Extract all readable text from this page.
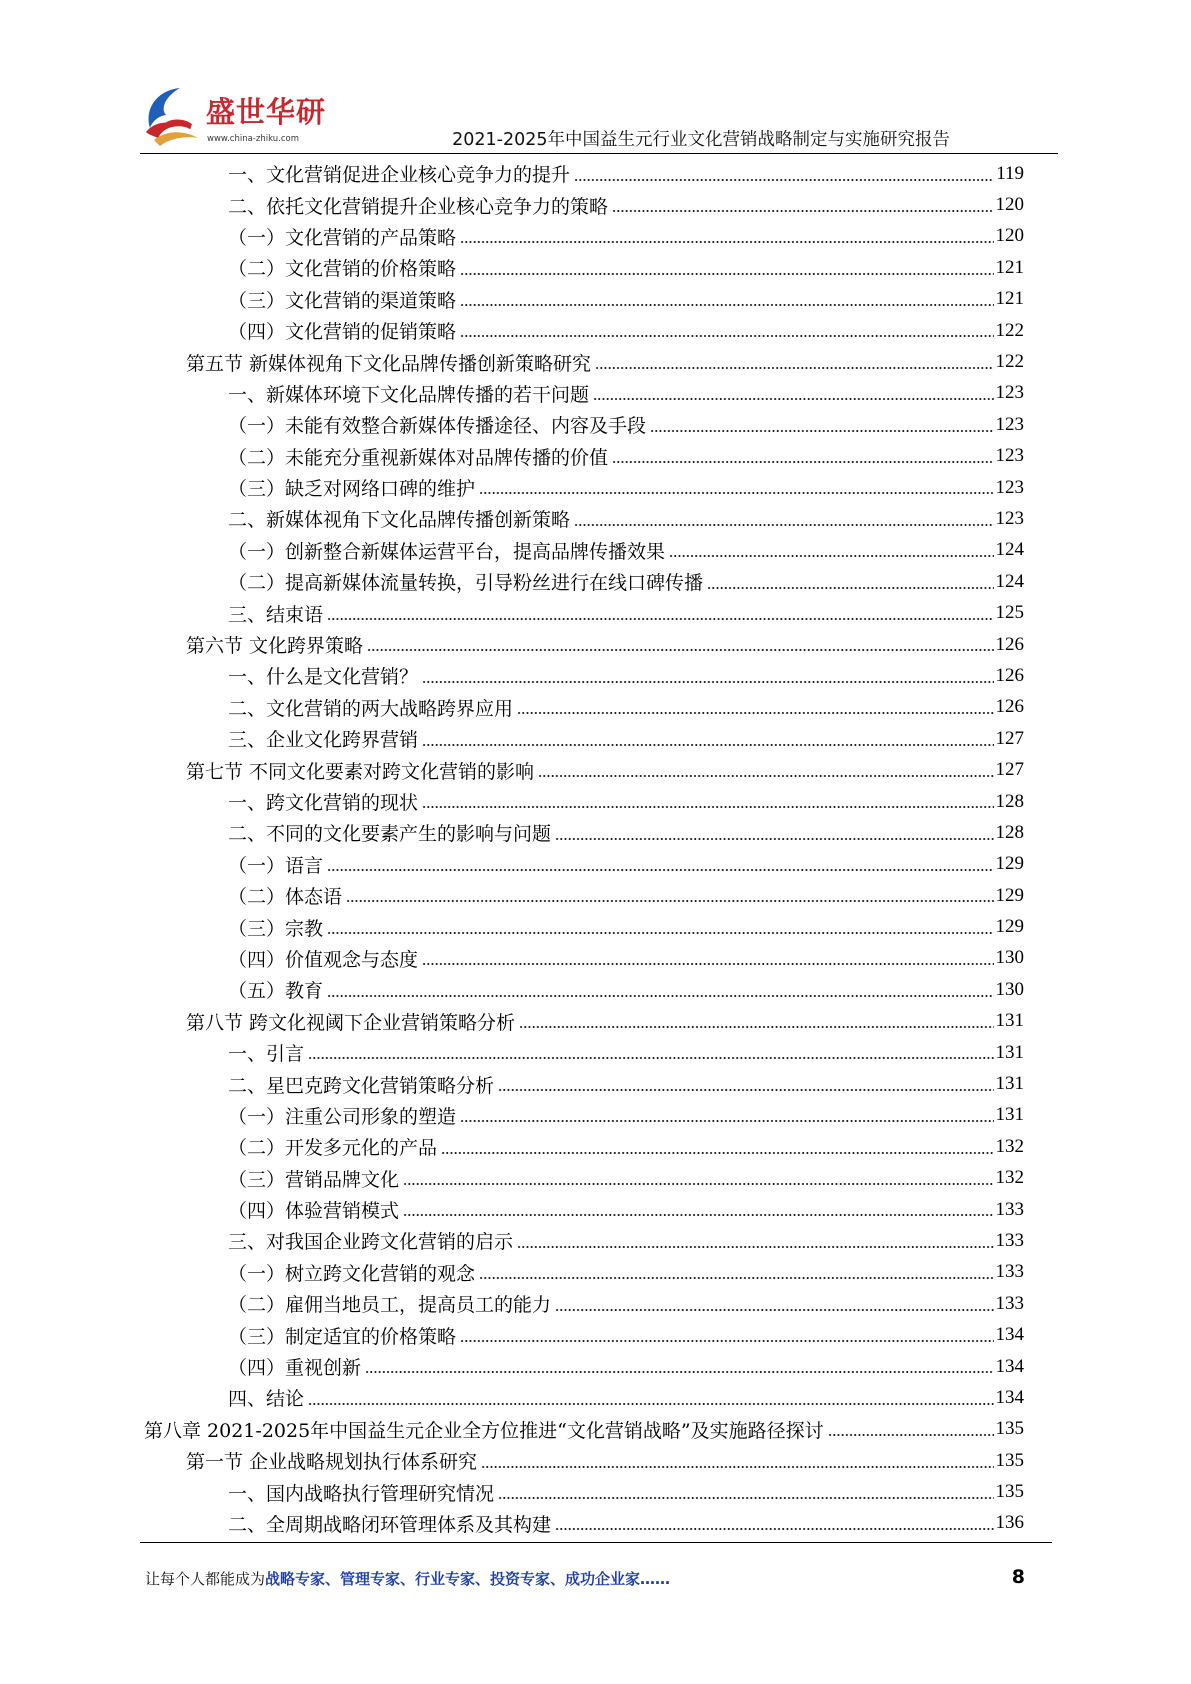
盛世华研
www.china-zhiku.com	2021-2025年中国益生元行业文化营销战略制定与实施研究报告
一、文化营销促进企业核心竞争力的提升	119
二、依托文化营销提升企业核心竞争力的策略	120
（一）文化营销的产品策略	120
（二）文化营销的价格策略	121
（三）文化营销的渠道策略	121
（四）文化营销的促销策略	122
第五节 新媒体视角下文化品牌传播创新策略研究	122
一、新媒体环境下文化品牌传播的若干问题	123
（一）未能有效整合新媒体传播途径、内容及手段	123
（二）未能充分重视新媒体对品牌传播的价值	123
（三）缺乏对网络口碑的维护	123
二、新媒体视角下文化品牌传播创新策略	123
（一）创新整合新媒体运营平台，提高品牌传播效果	124
（二）提高新媒体流量转换，引导粉丝进行在线口碑传播	124
三、结束语	125
第六节 文化跨界策略	126
一、什么是文化营销？	126
二、文化营销的两大战略跨界应用	126
三、企业文化跨界营销	127
第七节 不同文化要素对跨文化营销的影响	127
一、跨文化营销的现状	128
二、不同的文化要素产生的影响与问题	128
（一）语言	129
（二）体态语	129
（三）宗教	129
（四）价值观念与态度	130
（五）教育	130
第八节 跨文化视阈下企业营销策略分析	131
一、引言	131
二、星巴克跨文化营销策略分析	131
（一）注重公司形象的塑造	131
（二）开发多元化的产品	132
（三）营销品牌文化	132
（四）体验营销模式	133
三、对我国企业跨文化营销的启示	133
（一）树立跨文化营销的观念	133
（二）雇佣当地员工，提高员工的能力	133
（三）制定适宜的价格策略	134
（四）重视创新	134
四、结论	134
第八章 2021-2025年中国益生元企业全方位推进“文化营销战略”及实施路径探讨	135
第一节 企业战略规划执行体系研究	135
一、国内战略执行管理研究情况	135
二、全周期战略闭环管理体系及其构建	136
让每个人都能成为战略专家、管理专家、行业专家、投资专家、成功企业家……	8
